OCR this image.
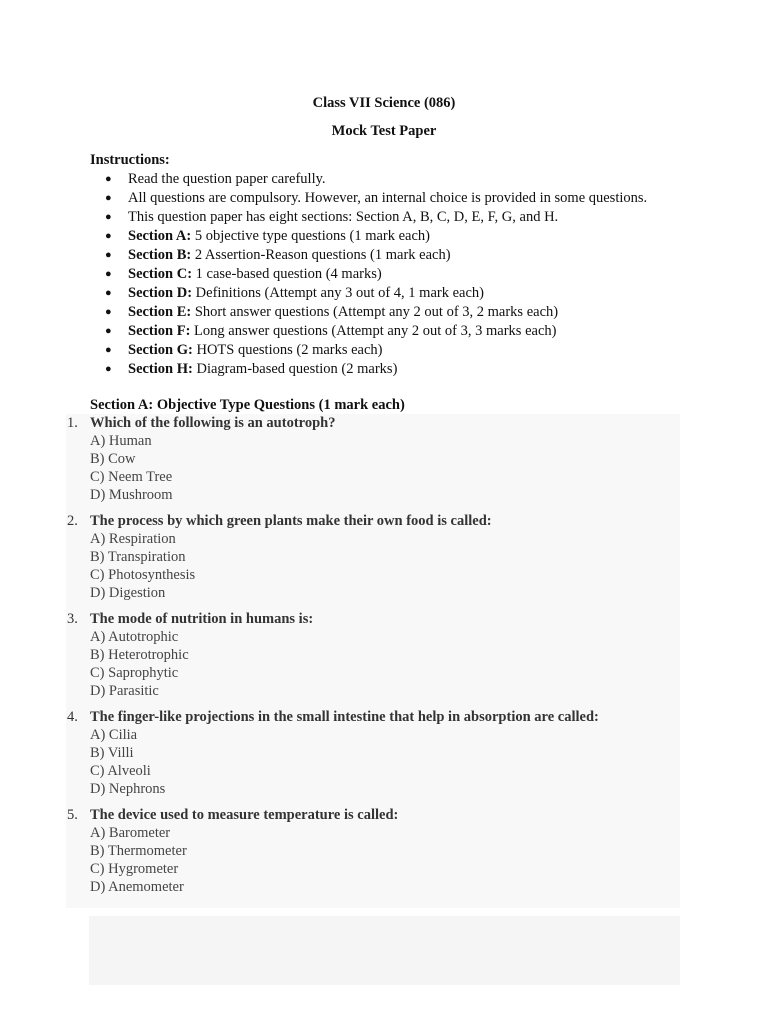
Class VII Science (086)
Mock Test Paper
Instructions:
● Read the question paper carefully.
● All questions are compulsory. However, an internal choice is provided in some questions.
● This question paper has eight sections: Section A, B, C, D, E, F, G, and H.
● Section A: 5 objective type questions (1 mark each)
● Section B: 2 Assertion-Reason questions (1 mark each)
● Section C: 1 case-based question (4 marks)
● Section D: Definitions (Attempt any 3 out of 4, 1 mark each)
● Section E: Short answer questions (Attempt any 2 out of 3, 2 marks each)
● Section F: Long answer questions (Attempt any 2 out of 3, 3 marks each)
● Section G: HOTS questions (2 marks each)
● Section H: Diagram-based question (2 marks)
Section A: Objective Type Questions (1 mark each)
1. Which of the following is an autotroph?
A) Human
B) Cow
C) Neem Tree
D) Mushroom
2. The process by which green plants make their own food is called:
A) Respiration
B) Transpiration
C) Photosynthesis
D) Digestion
3. The mode of nutrition in humans is:
A) Autotrophic
B) Heterotrophic
C) Saprophytic
D) Parasitic
4. The finger-like projections in the small intestine that help in absorption are called:
A) Cilia
B) Villi
C) Alveoli
D) Nephrons
5. The device used to measure temperature is called:
A) Barometer
B) Thermometer
C) Hygrometer
D) Anemometer
